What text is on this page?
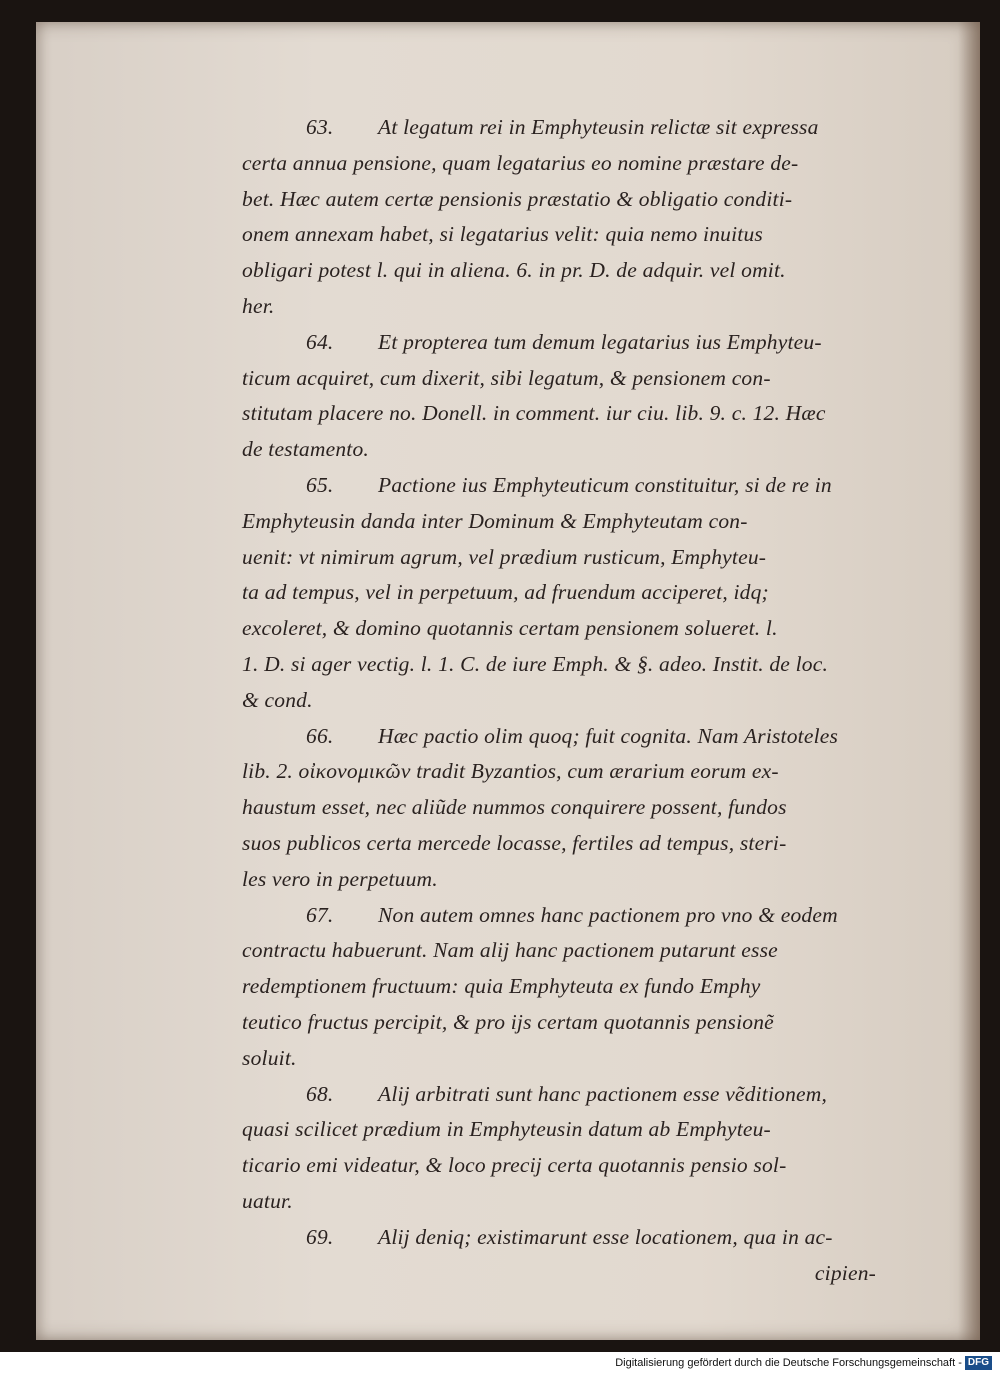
63. At legatum rei in Emphyteusin relictæ sit expressa
certa annua pensione, quam legatarius eo nomine præstare de-
bet. Hæc autem certæ pensionis præstatio & obligatio conditi-
onem annexam habet, si legatarius velit: quia nemo inuitus
obligari potest l. qui in aliena. 6. in pr. D. de adquir. vel omit.
her.
64. Et propterea tum demum legatarius ius Emphyteu-
ticum acquiret, cum dixerit, sibi legatum, & pensionem con-
stitutam placere no. Donell. in comment. iur ciu. lib. 9. c. 12. Hæc
de testamento.
65. Pactione ius Emphyteuticum constituitur, si de re in
Emphyteusin danda inter Dominum & Emphyteutam con-
uenit: vt nimirum agrum, vel prædium rusticum, Emphyteu-
ta ad tempus, vel in perpetuum, ad fruendum acciperet, idq;
excoleret, & domino quotannis certam pensionem solueret. l.
1. D. si ager vectig. l. 1. C. de iure Emph. & §. adeo. Instit. de loc.
& cond.
66. Hæc pactio olim quoq; fuit cognita. Nam Aristoteles
lib. 2. οἰκονομικῶν tradit Byzantios, cum ærarium eorum ex-
haustum esset, nec aliũde nummos conquirere possent, fundos
suos publicos certa mercede locasse, fertiles ad tempus, steri-
les vero in perpetuum.
67. Non autem omnes hanc pactionem pro vno & eodem
contractu habuerunt. Nam alij hanc pactionem putarunt esse
redemptionem fructuum: quia Emphyteuta ex fundo Emphy
teutico fructus percipit, & pro ijs certam quotannis pensionẽ
soluit.
68. Alij arbitrati sunt hanc pactionem esse vẽditionem,
quasi scilicet prædium in Emphyteusin datum ab Emphyteu-
ticario emi videatur, & loco precij certa quotannis pensio sol-
uatur.
69. Alij deniq; existimarunt esse locationem, qua in ac-
cipien-
Digitalisierung gefördert durch die Deutsche Forschungsgemeinschaft - DFG
